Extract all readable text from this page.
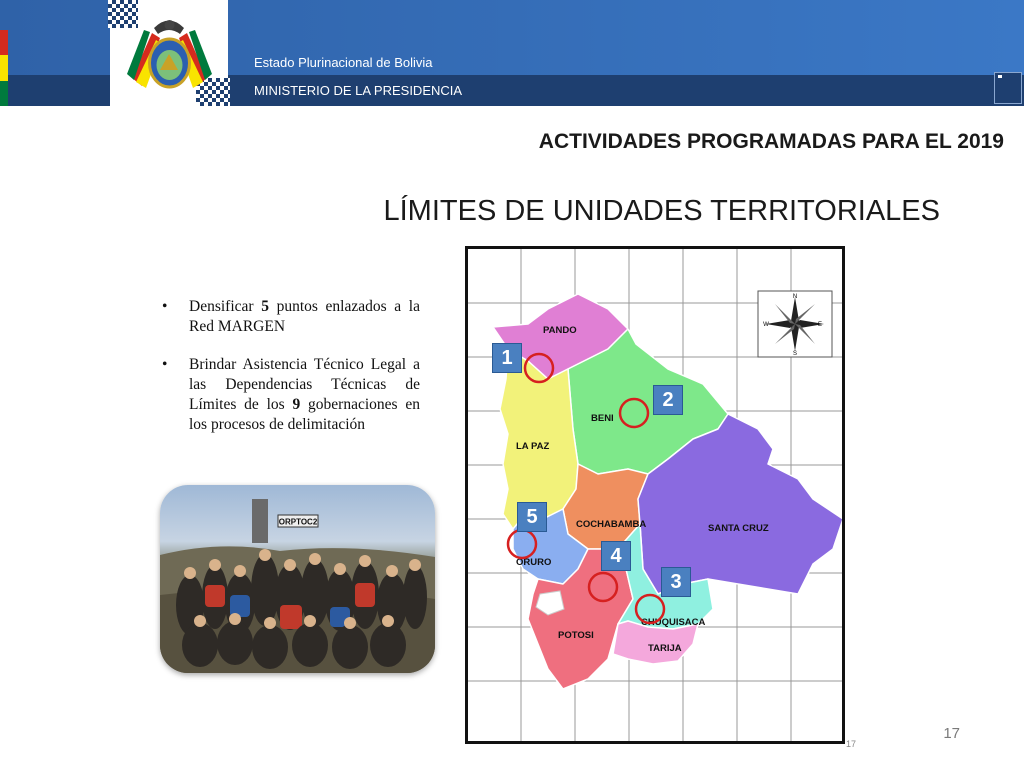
Estado Plurinacional de Bolivia
MINISTERIO DE LA PRESIDENCIA
ACTIVIDADES PROGRAMADAS PARA EL 2019
LÍMITES DE UNIDADES TERRITORIALES
•	Densificar 5 puntos enlazados a la Red MARGEN
•	Brindar Asistencia Técnico Legal a las Dependencias Técnicas de Límites de los 9 gobernaciones en los procesos de delimitación
ORPTOC2
N
S
E
W
PANDO
BENI
LA PAZ
COCHABAMBA	SANTA CRUZ
ORURO
POTOSI
CHUQUISACA
TARIJA
1
2
3
4
5
17
17
